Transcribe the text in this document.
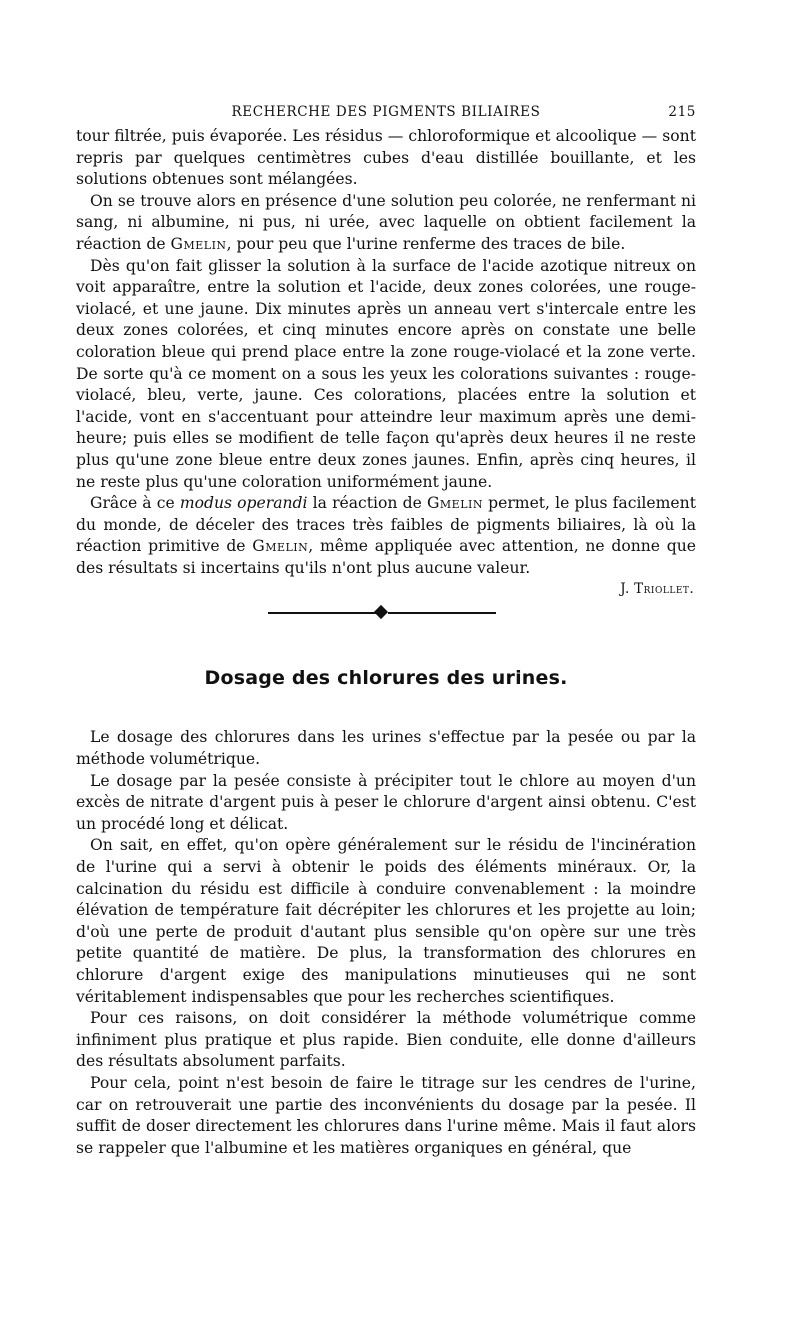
RECHERCHE DES PIGMENTS BILIAIRES	215

tour filtrée, puis évaporée. Les résidus — chloroformique et alcoolique — sont repris par quelques centimètres cubes d'eau distillée bouillante, et les solutions obtenues sont mélangées.

On se trouve alors en présence d'une solution peu colorée, ne renfermant ni sang, ni albumine, ni pus, ni urée, avec laquelle on obtient facilement la réaction de Gmelin, pour peu que l'urine renferme des traces de bile.

Dès qu'on fait glisser la solution à la surface de l'acide azotique nitreux on voit apparaître, entre la solution et l'acide, deux zones colorées, une rouge-violacé, et une jaune. Dix minutes après un anneau vert s'intercale entre les deux zones colorées, et cinq minutes encore après on constate une belle coloration bleue qui prend place entre la zone rouge-violacé et la zone verte. De sorte qu'à ce moment on a sous les yeux les colorations suivantes : rouge-violacé, bleu, verte, jaune. Ces colorations, placées entre la solution et l'acide, vont en s'accentuant pour atteindre leur maximum après une demi-heure; puis elles se modifient de telle façon qu'après deux heures il ne reste plus qu'une zone bleue entre deux zones jaunes. Enfin, après cinq heures, il ne reste plus qu'une coloration uniformément jaune.

Grâce à ce modus operandi la réaction de Gmelin permet, le plus facilement du monde, de déceler des traces très faibles de pigments biliaires, là où la réaction primitive de Gmelin, même appliquée avec attention, ne donne que des résultats si incertains qu'ils n'ont plus aucune valeur.

J. Triollet.
Dosage des chlorures des urines.

Le dosage des chlorures dans les urines s'effectue par la pesée ou par la méthode volumétrique.

Le dosage par la pesée consiste à précipiter tout le chlore au moyen d'un excès de nitrate d'argent puis à peser le chlorure d'argent ainsi obtenu. C'est un procédé long et délicat.

On sait, en effet, qu'on opère généralement sur le résidu de l'incinération de l'urine qui a servi à obtenir le poids des éléments minéraux. Or, la calcination du résidu est difficile à conduire convenablement : la moindre élévation de température fait décrépiter les chlorures et les projette au loin; d'où une perte de produit d'autant plus sensible qu'on opère sur une très petite quantité de matière. De plus, la transformation des chlorures en chlorure d'argent exige des manipulations minutieuses qui ne sont véritablement indispensables que pour les recherches scientifiques.

Pour ces raisons, on doit considérer la méthode volumétrique comme infiniment plus pratique et plus rapide. Bien conduite, elle donne d'ailleurs des résultats absolument parfaits.

Pour cela, point n'est besoin de faire le titrage sur les cendres de l'urine, car on retrouverait une partie des inconvénients du dosage par la pesée. Il suffit de doser directement les chlorures dans l'urine même. Mais il faut alors se rappeler que l'albumine et les matières organiques en général, que
